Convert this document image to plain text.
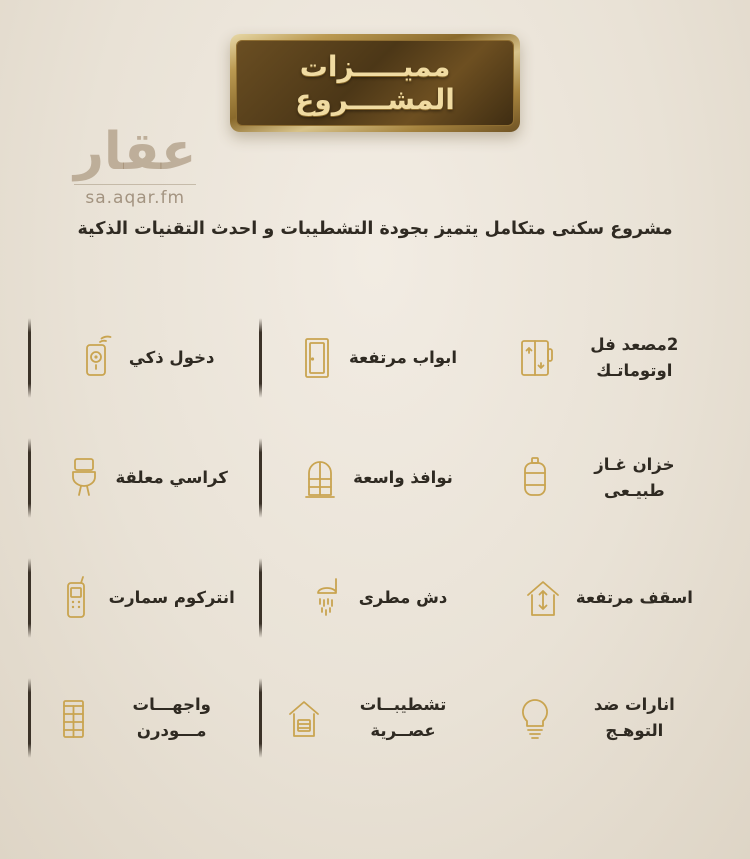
مميـــــزات
المشــــروع
عقار
sa.aqar.fm
مشروع سكنى متكامل يتميز بجودة التشطيبات و احدث التقنيات الذكية
2مصعد فل اوتوماتـك
ابواب مرتفعة
دخول ذكي
خزان غـاز طبيـعى
نوافذ واسعة
كراسي معلقة
اسقف مرتفعة
دش مطرى
انتركوم سمارت
انارات ضد التوهـج
تشطيبــات عصــرية
واجهـــات مـــودرن
